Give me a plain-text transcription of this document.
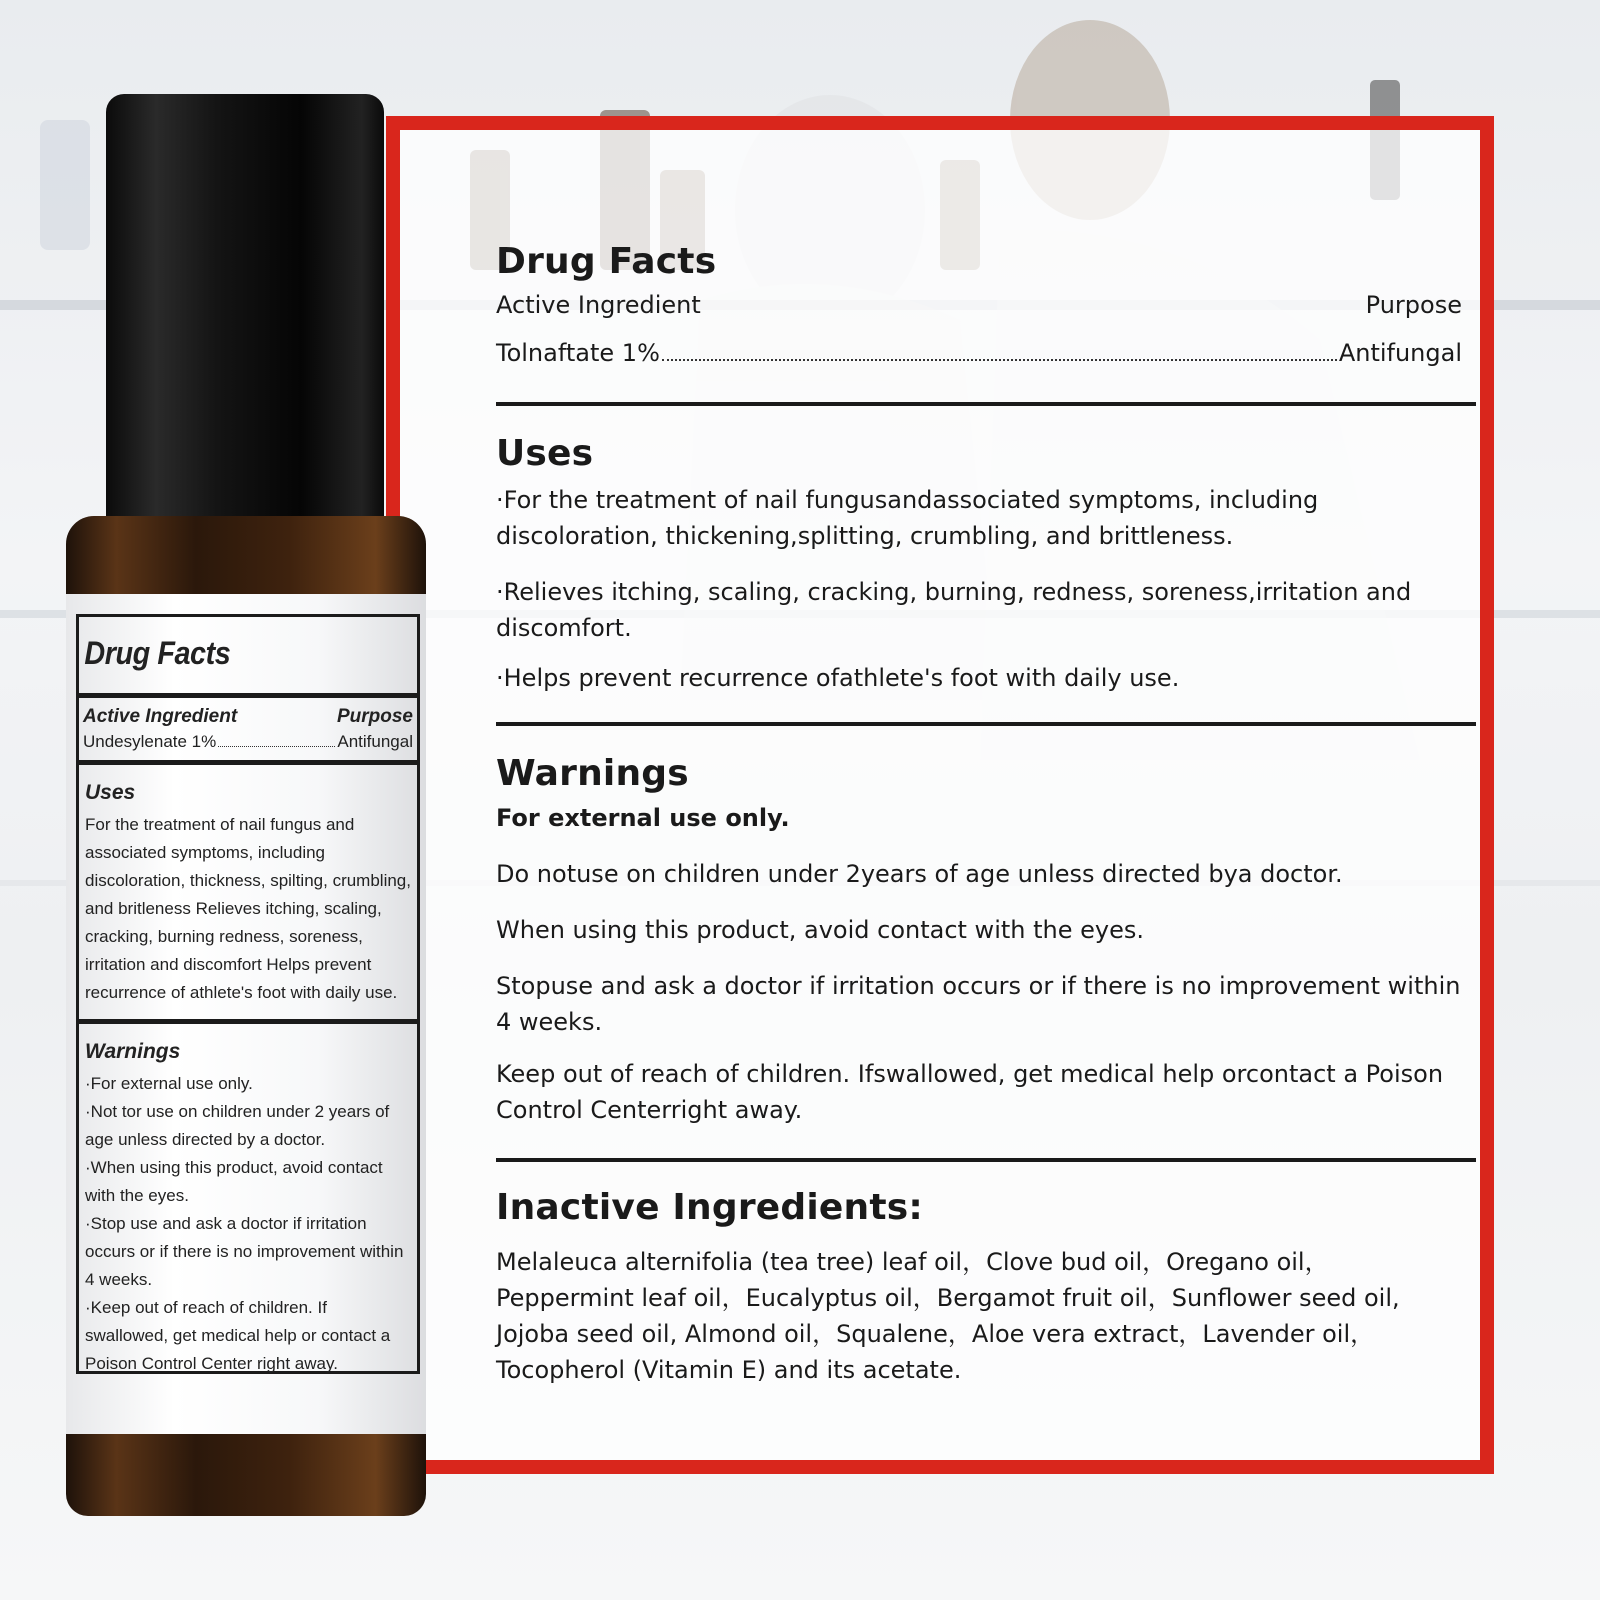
Drug Facts
Active Ingredient	Purpose
Tolnaftate 1%	Antifungal
Uses

·For the treatment of nail fungusandassociated symptoms, including discoloration, thickening,splitting, crumbling, and brittleness.

·Relieves itching, scaling, cracking, burning, redness, soreness,irritation and discomfort.

·Helps prevent recurrence ofathlete's foot with daily use.

Warnings

For external use only.

Do notuse on children under 2years of age unless directed bya doctor.

When using this product, avoid contact with the eyes.

Stopuse and ask a doctor if irritation occurs or if there is no improvement within 4 weeks.

Keep out of reach of children. Ifswallowed, get medical help orcontact a Poison Control Centerright away.

Inactive Ingredients:

Melaleuca alternifolia (tea tree) leaf oil，Clove bud oil，Oregano oil，Peppermint leaf oil，Eucalyptus oil，Bergamot fruit oil，Sunflower seed oil, Jojoba seed oil, Almond oil，Squalene，Aloe vera extract，Lavender oil，Tocopherol (Vitamin E) and its acetate.

Drug Facts
Active Ingredient	Purpose
Undesylenate 1%	Antifungal
Uses

For the treatment of nail fungus and associated symptoms, including discoloration, thickness, spilting, crumbling, and britleness Relieves itching, scaling, cracking, burning redness, soreness, irritation and discomfort Helps prevent recurrence of athlete's foot with daily use.

Warnings

·For external use only.

·Not tor use on children under 2 years of age unless directed by a doctor.

·When using this product, avoid contact with the eyes.

·Stop use and ask a doctor if irritation occurs or if there is no improvement within 4 weeks.

·Keep out of reach of children. If swallowed, get medical help or contact a Poison Control Center right away.
